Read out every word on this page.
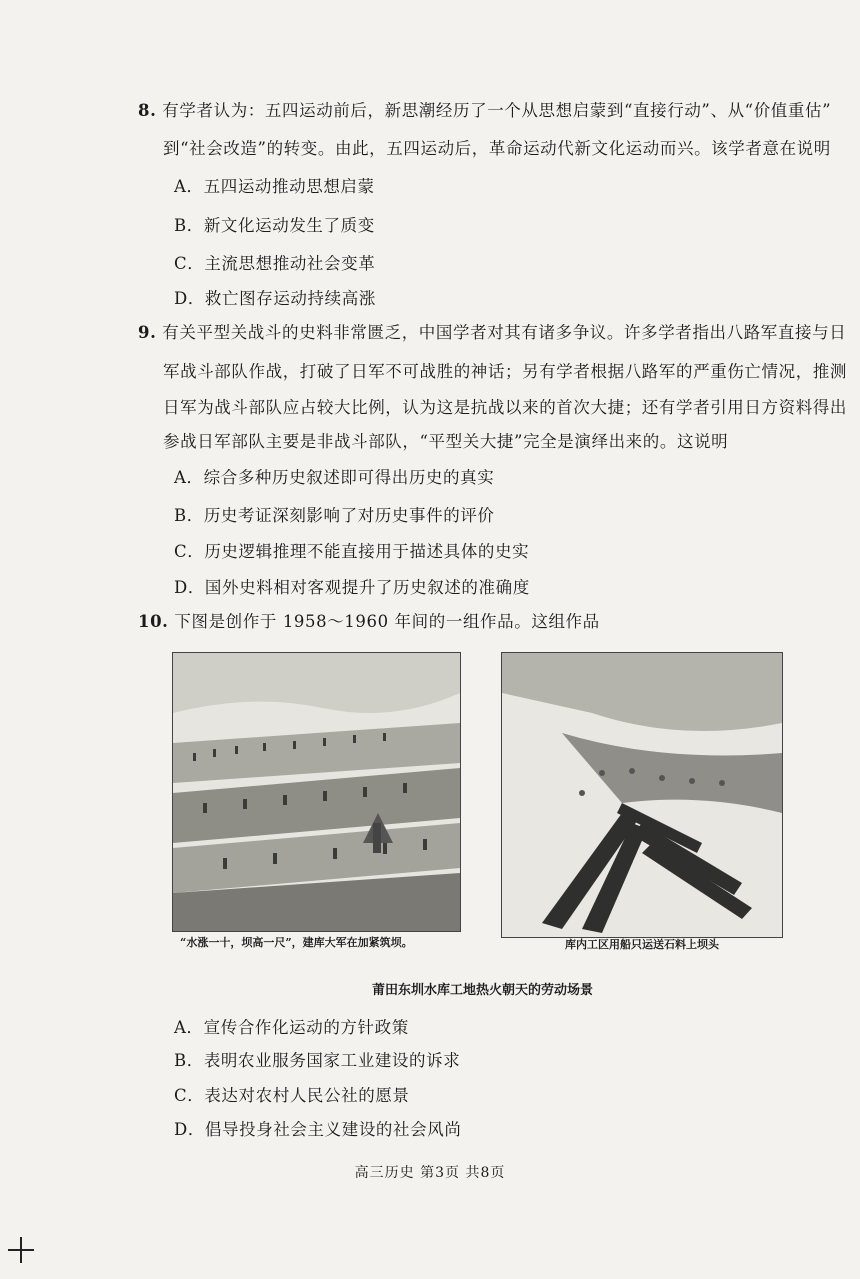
8. 有学者认为：五四运动前后，新思潮经历了一个从思想启蒙到“直接行动”、从“价值重估”
到“社会改造”的转变。由此，五四运动后，革命运动代新文化运动而兴。该学者意在说明
A．五四运动推动思想启蒙
B．新文化运动发生了质变
C．主流思想推动社会变革
D．救亡图存运动持续高涨
9. 有关平型关战斗的史料非常匮乏，中国学者对其有诸多争议。许多学者指出八路军直接与日
军战斗部队作战，打破了日军不可战胜的神话；另有学者根据八路军的严重伤亡情况，推测
日军为战斗部队应占较大比例，认为这是抗战以来的首次大捷；还有学者引用日方资料得出
参战日军部队主要是非战斗部队，“平型关大捷”完全是演绎出来的。这说明
A．综合多种历史叙述即可得出历史的真实
B．历史考证深刻影响了对历史事件的评价
C．历史逻辑推理不能直接用于描述具体的史实
D．国外史料相对客观提升了历史叙述的准确度
10. 下图是创作于 1958～1960 年间的一组作品。这组作品
“水涨一十，坝高一尺”，建库大军在加紧筑坝。	库内工区用船只运送石料上坝头
莆田东圳水库工地热火朝天的劳动场景
A．宣传合作化运动的方针政策
B．表明农业服务国家工业建设的诉求
C．表达对农村人民公社的愿景
D．倡导投身社会主义建设的社会风尚
高三历史 第3页 共8页
